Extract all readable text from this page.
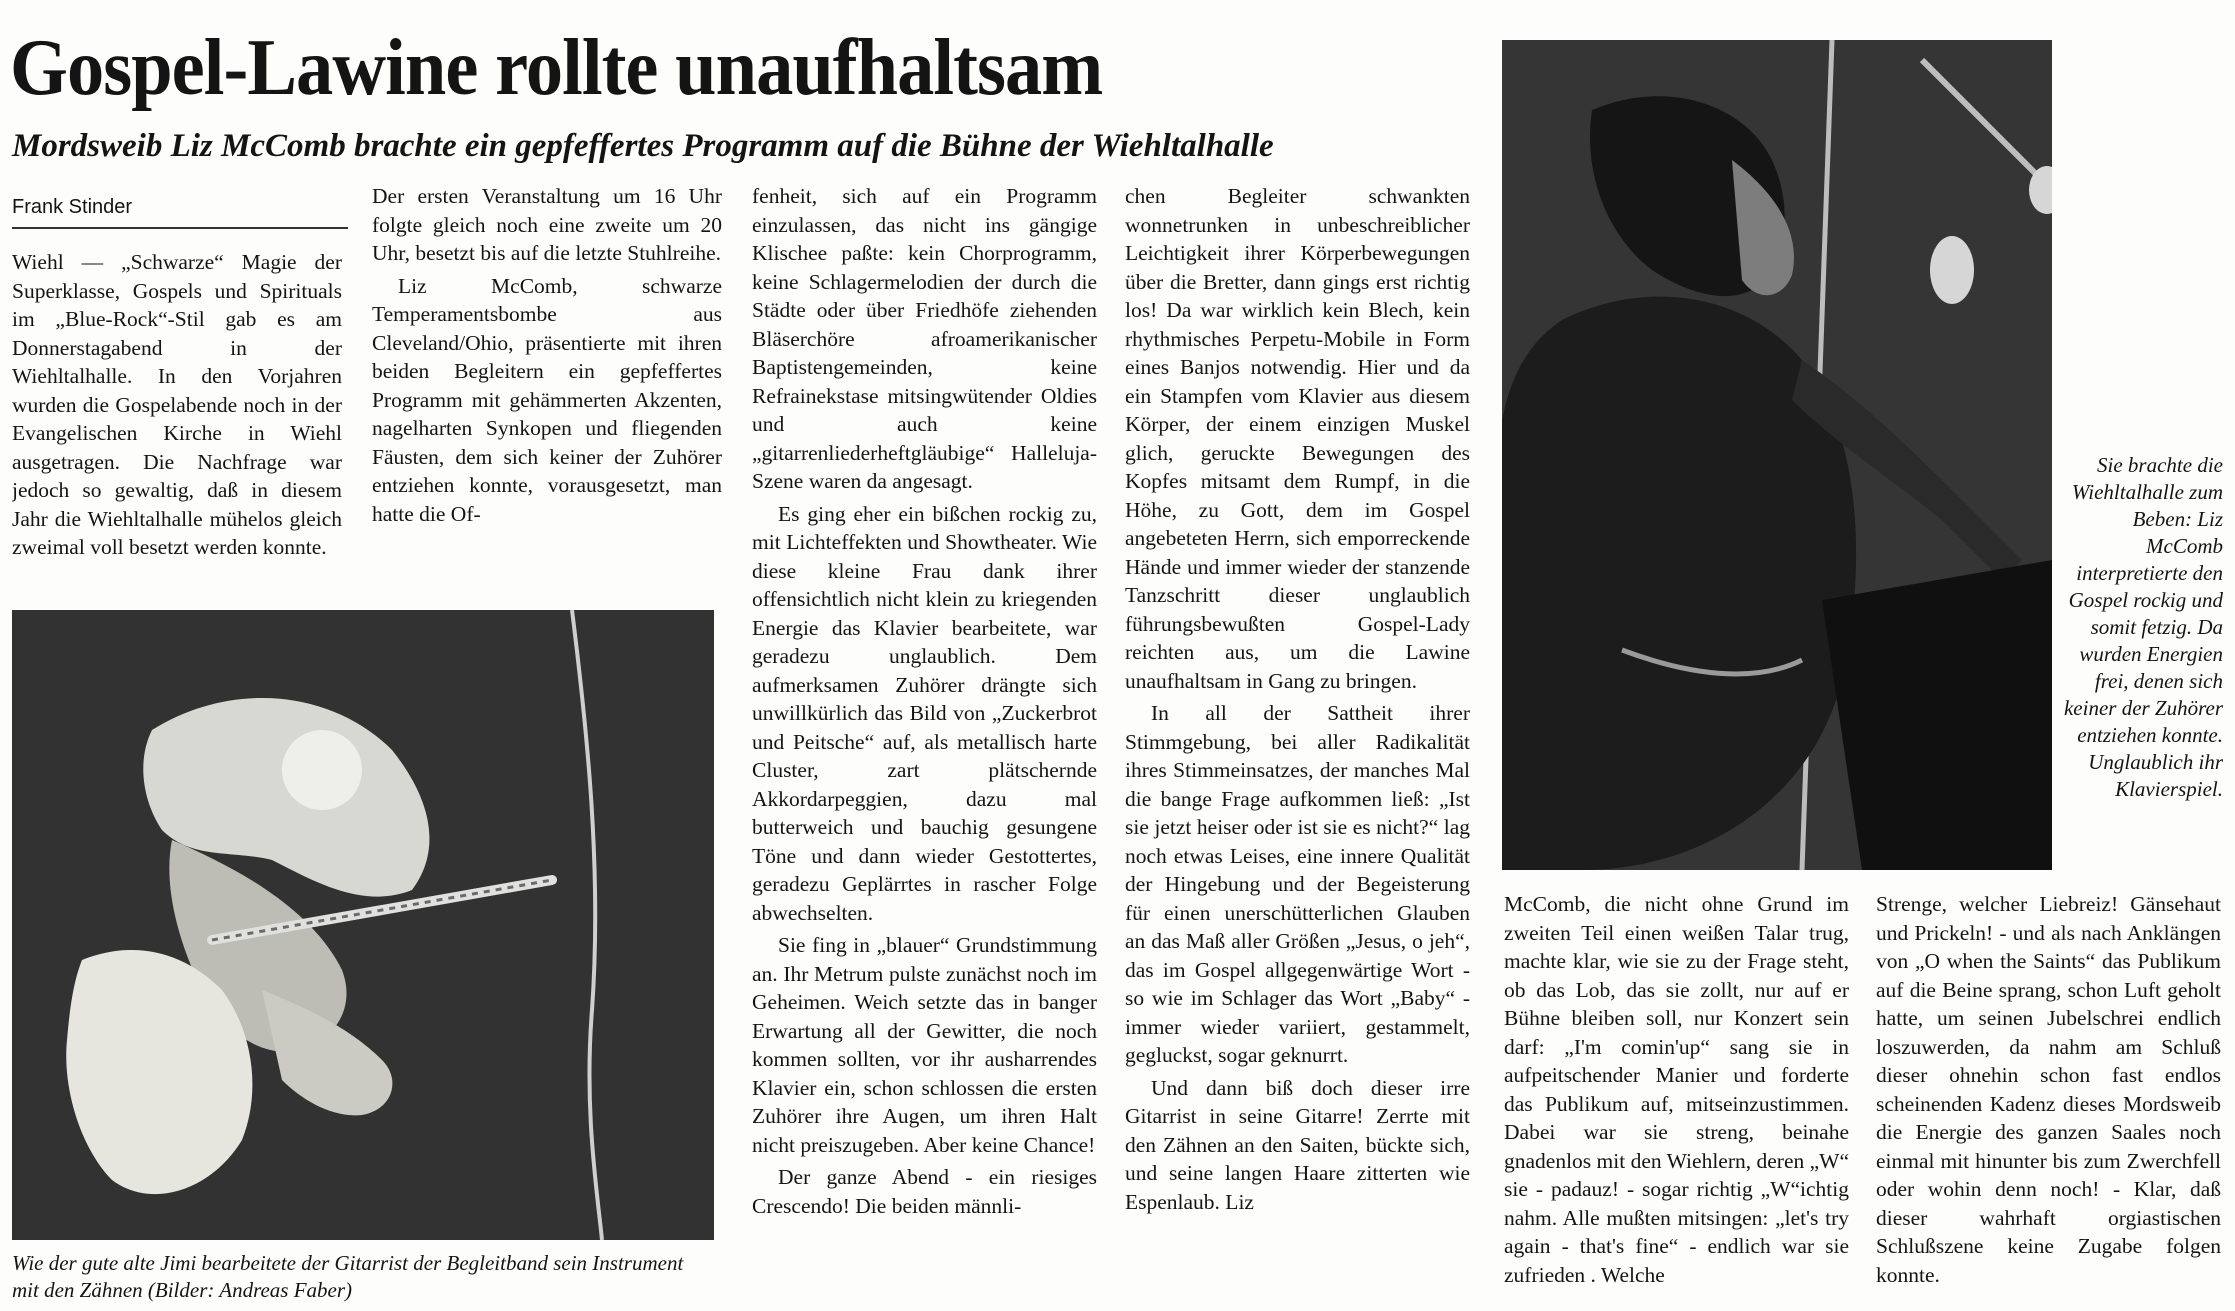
Gospel-Lawine rollte unaufhaltsam
Mordsweib Liz McComb brachte ein gepfeffertes Programm auf die Bühne der Wiehltalhalle
Frank Stinder

Wiehl — „Schwarze“ Magie der Superklasse, Gospels und Spirituals im „Blue-Rock“-Stil gab es am Donnerstagabend in der Wiehltalhalle. In den Vorjahren wurden die Gospelabende noch in der Evangelischen Kirche in Wiehl ausgetragen. Die Nachfrage war jedoch so gewaltig, daß in diesem Jahr die Wiehltalhalle mühelos gleich zweimal voll besetzt werden konnte.

Der ersten Veranstaltung um 16 Uhr folgte gleich noch eine zweite um 20 Uhr, besetzt bis auf die letzte Stuhlreihe.

Liz McComb, schwarze Temperamentsbombe aus Cleveland/Ohio, präsentierte mit ihren beiden Begleitern ein gepfeffertes Programm mit gehämmerten Akzenten, nagelharten Synkopen und fliegenden Fäusten, dem sich keiner der Zuhörer entziehen konnte, vorausgesetzt, man hatte die Of-

fenheit, sich auf ein Programm einzulassen, das nicht ins gängige Klischee paßte: kein Chorprogramm, keine Schlagermelodien der durch die Städte oder über Friedhöfe ziehenden Bläserchöre afroamerikanischer Baptistengemeinden, keine Refrainekstase mitsingwütender Oldies und auch keine „gitarrenliederheftgläubige“ Halleluja-Szene waren da angesagt.

Es ging eher ein bißchen rockig zu, mit Lichteffekten und Showtheater. Wie diese kleine Frau dank ihrer offensichtlich nicht klein zu kriegenden Energie das Klavier bearbeitete, war geradezu unglaublich. Dem aufmerksamen Zuhörer drängte sich unwillkürlich das Bild von „Zuckerbrot und Peitsche“ auf, als metallisch harte Cluster, zart plätschernde Akkordarpeggien, dazu mal butterweich und bauchig gesungene Töne und dann wieder Gestottertes, geradezu Geplärrtes in rascher Folge abwechselten.

Sie fing in „blauer“ Grundstimmung an. Ihr Metrum pulste zunächst noch im Geheimen. Weich setzte das in banger Erwartung all der Gewitter, die noch kommen sollten, vor ihr ausharrendes Klavier ein, schon schlossen die ersten Zuhörer ihre Augen, um ihren Halt nicht preiszugeben. Aber keine Chance!

Der ganze Abend - ein riesiges Crescendo! Die beiden männli-

chen Begleiter schwankten wonnetrunken in unbeschreiblicher Leichtigkeit ihrer Körperbewegungen über die Bretter, dann gings erst richtig los! Da war wirklich kein Blech, kein rhythmisches Perpetu-Mobile in Form eines Banjos notwendig. Hier und da ein Stampfen vom Klavier aus diesem Körper, der einem einzigen Muskel glich, geruckte Bewegungen des Kopfes mitsamt dem Rumpf, in die Höhe, zu Gott, dem im Gospel angebeteten Herrn, sich emporreckende Hände und immer wieder der stanzende Tanzschritt dieser unglaublich führungsbewußten Gospel-Lady reichten aus, um die Lawine unaufhaltsam in Gang zu bringen.

In all der Sattheit ihrer Stimmgebung, bei aller Radikalität ihres Stimmeinsatzes, der manches Mal die bange Frage aufkommen ließ: „Ist sie jetzt heiser oder ist sie es nicht?“ lag noch etwas Leises, eine innere Qualität der Hingebung und der Begeisterung für einen unerschütterlichen Glauben an das Maß aller Größen „Jesus, o jeh“, das im Gospel allgegenwärtige Wort - so wie im Schlager das Wort „Baby“ - immer wieder variiert, gestammelt, gegluckst, sogar geknurrt.

Und dann biß doch dieser irre Gitarrist in seine Gitarre! Zerrte mit den Zähnen an den Saiten, bückte sich, und seine langen Haare zitterten wie Espenlaub. Liz

McComb, die nicht ohne Grund im zweiten Teil einen weißen Talar trug, machte klar, wie sie zu der Frage steht, ob das Lob, das sie zollt, nur auf er Bühne bleiben soll, nur Konzert sein darf: „I'm comin'up“ sang sie in aufpeitschender Manier und forderte das Publikum auf, mitseinzustimmen. Dabei war sie streng, beinahe gnadenlos mit den Wiehlern, deren „W“ sie - padauz! - sogar richtig „W“ichtig nahm. Alle mußten mitsingen: „let's try again - that's fine“ - endlich war sie zufrieden . Welche

Strenge, welcher Liebreiz! Gänsehaut und Prickeln! - und als nach Anklängen von „O when the Saints“ das Publikum auf die Beine sprang, schon Luft geholt hatte, um seinen Jubelschrei endlich loszuwerden, da nahm am Schluß dieser ohnehin schon fast endlos scheinenden Kadenz dieses Mordsweib die Energie des ganzen Saales noch einmal mit hinunter bis zum Zwerchfell oder wohin denn noch! - Klar, daß dieser wahrhaft orgiastischen Schlußszene keine Zugabe folgen konnte.

Wie der gute alte Jimi bearbeitete der Gitarrist der Begleitband sein Instrument mit den Zähnen (Bilder: Andreas Faber)
Sie brachte die Wiehltalhalle zum Beben: Liz McComb interpretierte den Gospel rockig und somit fetzig. Da wurden Energien frei, denen sich keiner der Zuhörer entziehen konnte. Unglaublich ihr Klavierspiel.
